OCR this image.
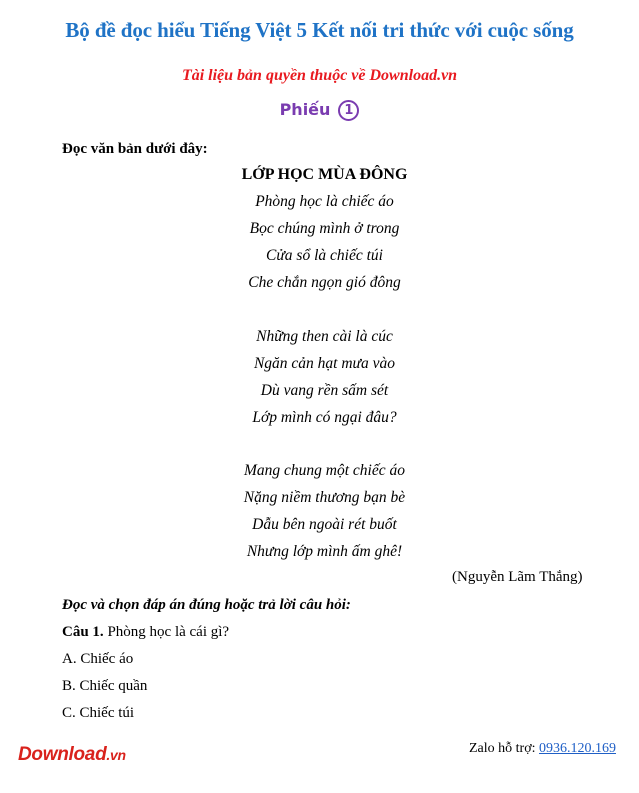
Bộ đề đọc hiểu Tiếng Việt 5 Kết nối tri thức với cuộc sống
Tài liệu bản quyền thuộc về Download.vn
Phiếu 1
Đọc văn bản dưới đây:
LỚP HỌC MÙA ĐÔNG
Phòng học là chiếc áo
Bọc chúng mình ở trong
Cửa sổ là chiếc túi
Che chắn ngọn gió đông
Những then cài là cúc
Ngăn cản hạt mưa vào
Dù vang rền sấm sét
Lớp mình có ngại đâu?
Mang chung một chiếc áo
Nặng niềm thương bạn bè
Dẫu bên ngoài rét buốt
Nhưng lớp mình ấm ghê!
(Nguyễn Lãm Thắng)
Đọc và chọn đáp án đúng hoặc trả lời câu hỏi:
Câu 1. Phòng học là cái gì?
A. Chiếc áo
B. Chiếc quần
C. Chiếc túi
Download.vn	Zalo hỗ trợ: 0936.120.169
